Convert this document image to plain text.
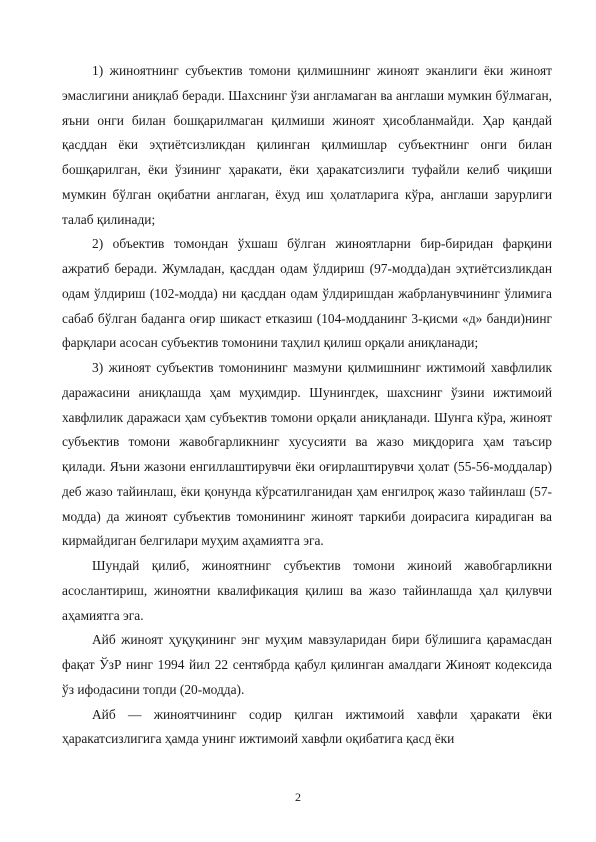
1) жиноятнинг субъектив томони қилмишнинг жиноят эканлиги ёки жиноят эмаслигини аниқлаб беради. Шахснинг ўзи англамаган ва англаши мумкин бўлмаган, яъни онги билан бошқарилмаган қилмиши жиноят ҳисобланмайди. Ҳар қандай қасддан ёки эҳтиётсизликдан қилинган қилмишлар субъектнинг онги билан бошқарилган, ёки ўзининг ҳаракати, ёки ҳаракатсизлиги туфайли келиб чиқиши мумкин бўлган оқибатни англаган, ёхуд иш ҳолатларига кўра, англаши зарурлиги талаб қилинади;

2) объектив томондан ўхшаш бўлган жиноятларни бир-биридан фарқини ажратиб беради. Жумладан, қасддан одам ўлдириш (97-модда)дан эҳтиётсизликдан одам ўлдириш (102-модда) ни қасддан одам ўлдиришдан жабрланувчининг ўлимига сабаб бўлган баданга оғир шикаст етказиш (104-модданинг 3-қисми «д» банди)нинг фарқлари асосан субъектив томонини таҳлил қилиш орқали аниқланади;

3) жиноят субъектив томонининг мазмуни қилмишнинг ижтимоий хавфлилик даражасини аниқлашда ҳам муҳимдир. Шунингдек, шахснинг ўзини ижтимоий хавфлилик даражаси ҳам субъектив томони орқали аниқланади. Шунга кўра, жиноят субъектив томони жавобгарликнинг хусусияти ва жазо миқдорига ҳам таъсир қилади. Яъни жазони енгиллаштирувчи ёки оғирлаштирувчи ҳолат (55-56-моддалар) деб жазо тайинлаш, ёки қонунда кўрсатилганидан ҳам енгилроқ жазо тайинлаш (57-модда) да жиноят субъектив томонининг жиноят таркиби доирасига кирадиган ва кирмайдиган белгилари муҳим аҳамиятга эга.

Шундай қилиб, жиноятнинг субъектив томони жиноий жавобгарликни асослантириш, жиноятни квалификация қилиш ва жазо тайинлашда ҳал қилувчи аҳамиятга эга.

Айб жиноят ҳуқуқининг энг муҳим мавзуларидан бири бўлишига қарамасдан фақат ЎзР нинг 1994 йил 22 сентябрда қабул қилинган амалдаги Жиноят кодексида ўз ифодасини топди (20-модда).

Айб — жиноятчининг содир қилган ижтимоий хавфли ҳаракати ёки ҳаракатсизлигига ҳамда унинг ижтимоий хавфли оқибатига қасд ёки

2
